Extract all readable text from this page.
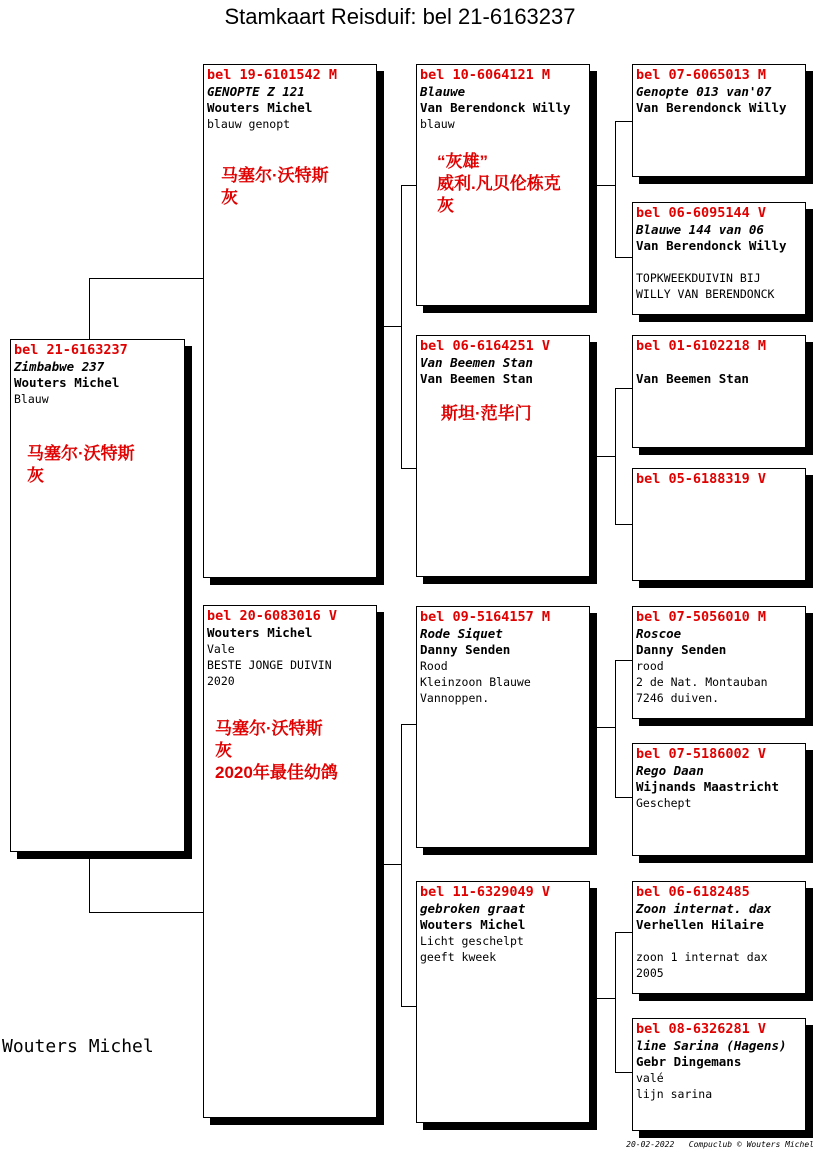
Stamkaart Reisduif: bel 21-6163237
bel 21-6163237
Zimbabwe 237
Wouters Michel
Blauw
马塞尔·沃特斯
灰
bel 19-6101542 M
GENOPTE Z 121
Wouters Michel
blauw genopt
马塞尔·沃特斯
灰
bel 20-6083016 V
Wouters Michel
Vale
BESTE JONGE DUIVIN
2020
马塞尔·沃特斯
灰
2020年最佳幼鸽
bel 10-6064121 M
Blauwe
Van Berendonck Willy
blauw
“灰雄”
威利.凡贝伦栋克
灰
bel 06-6164251 V
Van Beemen Stan
Van Beemen Stan
斯坦·范毕门
bel 09-5164157 M
Rode Siquet
Danny Senden
Rood
Kleinzoon Blauwe
Vannoppen.
bel 11-6329049 V
gebroken graat
Wouters Michel
Licht geschelpt
geeft kweek
bel 07-6065013 M
Genopte 013 van'07
Van Berendonck Willy
bel 06-6095144 V
Blauwe 144 van 06
Van Berendonck Willy

TOPKWEEKDUIVIN BIJ
WILLY VAN BERENDONCK
bel 01-6102218 M
Van Beemen Stan
bel 05-6188319 V
bel 07-5056010 M
Roscoe
Danny Senden
rood
2 de Nat. Montauban
7246 duiven.
bel 07-5186002 V
Rego Daan
Wijnands Maastricht
Geschept
bel 06-6182485
Zoon internat. dax
Verhellen Hilaire

zoon 1 internat dax
2005
bel 08-6326281 V
line Sarina (Hagens)
Gebr Dingemans
valé
lijn sarina
Wouters Michel
20-02-2022 Compuclub © Wouters Michel
